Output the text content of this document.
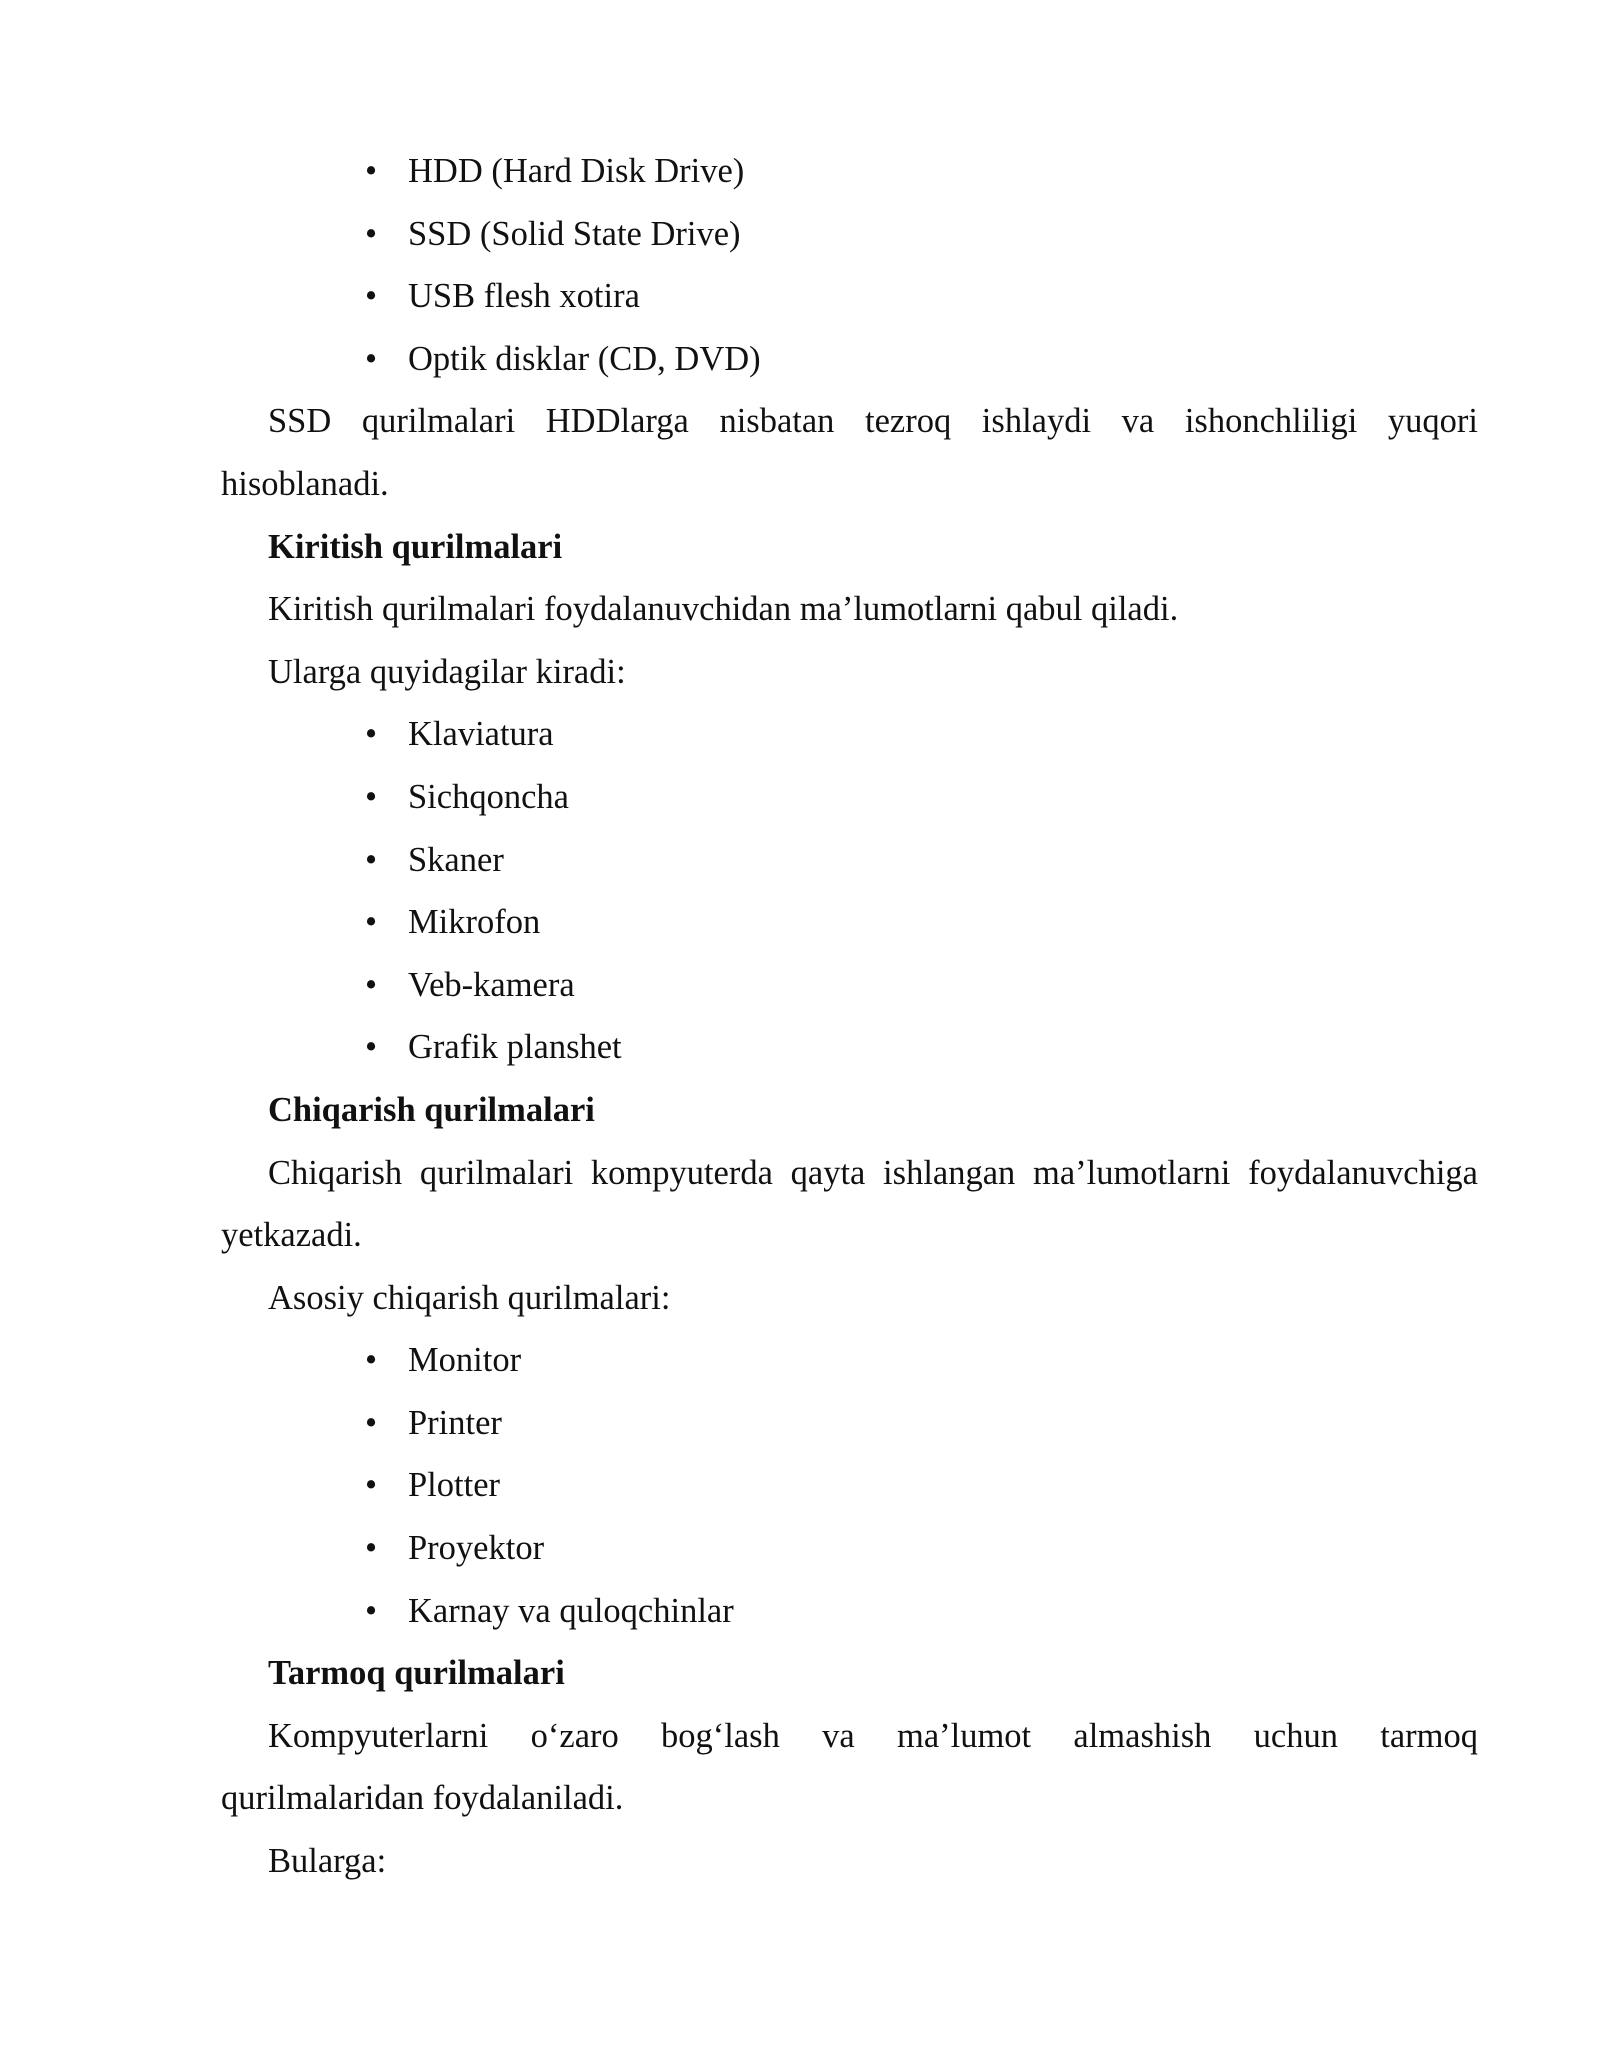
• HDD (Hard Disk Drive)
• SSD (Solid State Drive)
• USB flesh xotira
• Optik disklar (CD, DVD)
SSD qurilmalari HDDlarga nisbatan tezroq ishlaydi va ishonchliligi yuqori
hisoblanadi.
Kiritish qurilmalari
Kiritish qurilmalari foydalanuvchidan ma’lumotlarni qabul qiladi.
Ularga quyidagilar kiradi:
• Klaviatura
• Sichqoncha
• Skaner
• Mikrofon
• Veb-kamera
• Grafik planshet
Chiqarish qurilmalari
Chiqarish qurilmalari kompyuterda qayta ishlangan ma’lumotlarni foydalanuvchiga
yetkazadi.
Asosiy chiqarish qurilmalari:
• Monitor
• Printer
• Plotter
• Proyektor
• Karnay va quloqchinlar
Tarmoq qurilmalari
Kompyuterlarni o‘zaro bog‘lash va ma’lumot almashish uchun tarmoq
qurilmalaridan foydalaniladi.
Bularga:
